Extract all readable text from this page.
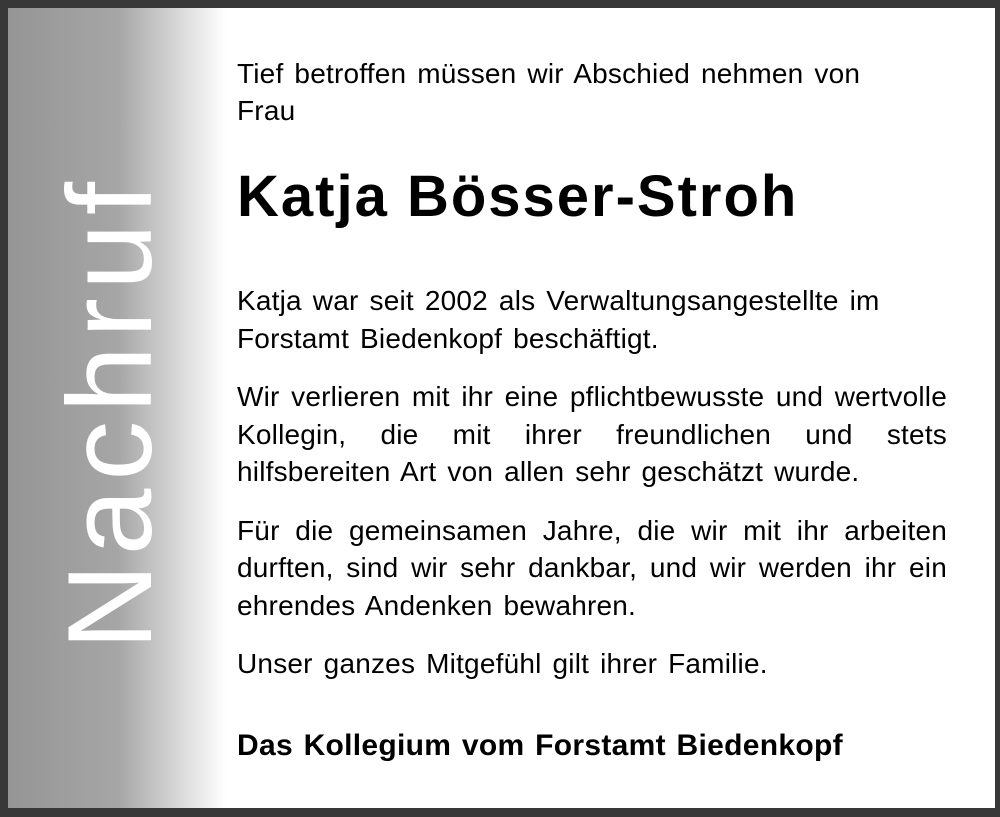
Nachruf

Tief betroffen müssen wir Abschied nehmen von
Frau

Katja Bösser-Stroh

Katja war seit 2002 als Verwaltungsangestellte im Forstamt Biedenkopf beschäftigt.

Wir verlieren mit ihr eine pflichtbewusste und wertvolle Kollegin, die mit ihrer freundlichen und stets hilfsbereiten Art von allen sehr geschätzt wurde.

Für die gemeinsamen Jahre, die wir mit ihr arbeiten durften, sind wir sehr dankbar, und wir werden ihr ein ehrendes Andenken bewahren.

Unser ganzes Mitgefühl gilt ihrer Familie.

Das Kollegium vom Forstamt Biedenkopf
